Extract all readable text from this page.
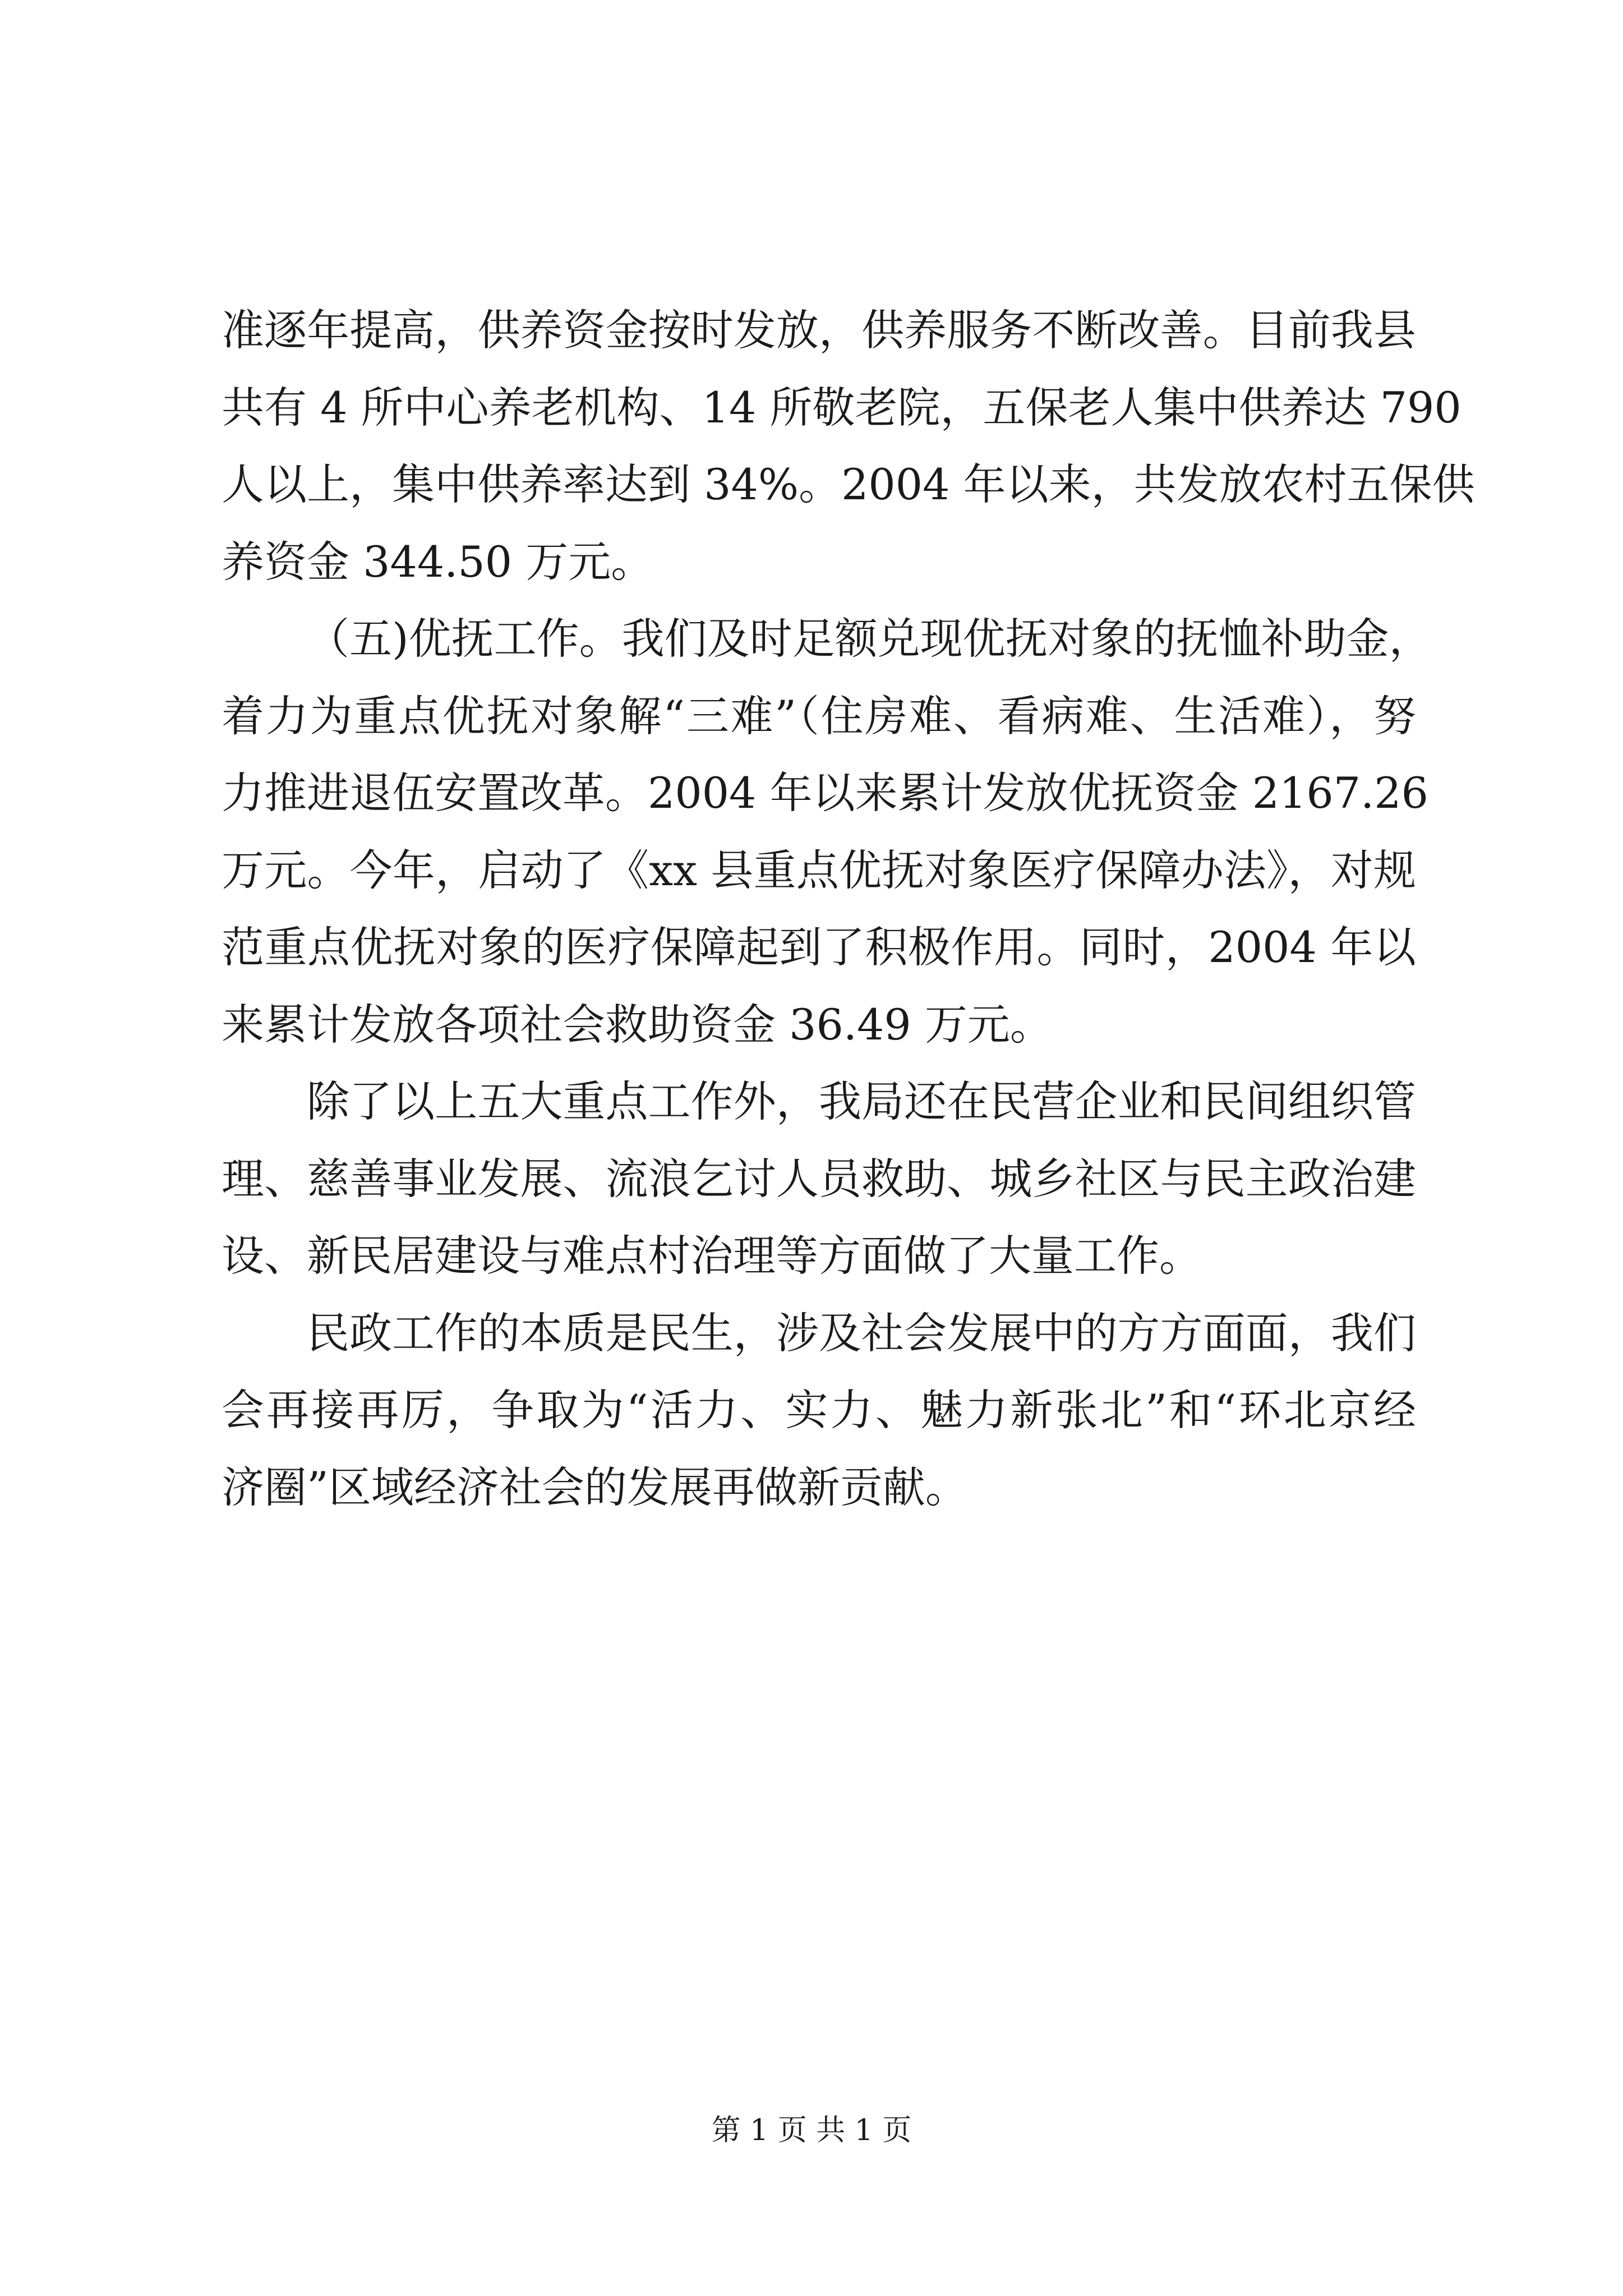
准逐年提高，供养资金按时发放，供养服务不断改善。目前我县
共有 4 所中心养老机构、14 所敬老院，五保老人集中供养达 790
人以上，集中供养率达到 34%。2004 年以来，共发放农村五保供
养资金 344.50 万元。

（五)优抚工作。我们及时足额兑现优抚对象的抚恤补助金，
着力为重点优抚对象解“三难”（住房难、看病难、生活难），努
力推进退伍安置改革。2004 年以来累计发放优抚资金 2167.26
万元。今年，启动了《xx 县重点优抚对象医疗保障办法》，对规
范重点优抚对象的医疗保障起到了积极作用。同时，2004 年以
来累计发放各项社会救助资金 36.49 万元。

除了以上五大重点工作外，我局还在民营企业和民间组织管
理、慈善事业发展、流浪乞讨人员救助、城乡社区与民主政治建
设、新民居建设与难点村治理等方面做了大量工作。

民政工作的本质是民生，涉及社会发展中的方方面面，我们
会再接再厉，争取为“活力、实力、魅力新张北”和“环北京经
济圈”区域经济社会的发展再做新贡献。

第 1 页 共 1 页
